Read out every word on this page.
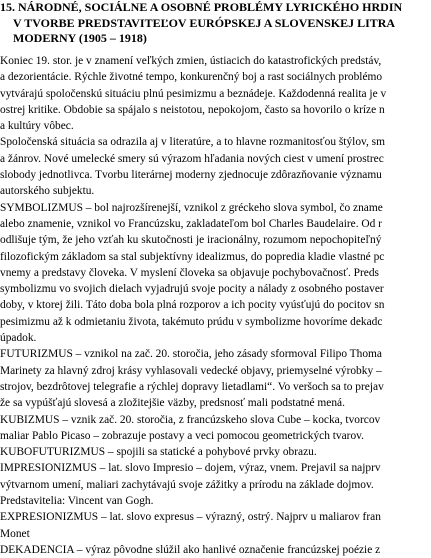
15. NÁRODNÉ, SOCIÁLNE A OSOBNÉ PROBLÉMY LYRICKÉHO HRDIN
V TVORBE PREDSTAVITEĽOV EURÓPSKEJ A SLOVENSKEJ LITRA
MODERNY (1905 – 1918)
Koniec 19. stor. je v znamení veľkých zmien, ústiacich do katastrofických predstáv,
a dezorientácie. Rýchle životné tempo, konkurenčný boj a rast sociálnych problémo
vytvárajú spoločenskú situáciu plnú pesimizmu a beznádeje. Každodenná realita je v
ostrej kritike. Obdobie sa spájalo s neistotou, nepokojom, často sa hovorilo o kríze n
a kultúry vôbec.
Spoločenská situácia sa odrazila aj v literatúre, a to hlavne rozmanitosťou štýlov, sm
a žánrov. Nové umelecké smery sú výrazom hľadania nových ciest v umení prostrec
slobody jednotlivca. Tvorbu literárnej moderny zjednocuje zdôrazňovanie významu
autorského subjektu.
SYMBOLIZMUS – bol najrozšírenejší, vznikol z gréckeho slova symbol, čo zname
alebo znamenie, vznikol vo Francúzsku, zakladateľom bol Charles Baudelaire. Od r
odlišuje tým, že jeho vzťah ku skutočnosti je iracionálny, rozumom nepochopiteľný
filozofickým základom sa stal subjektívny idealizmus, do popredia kladie vlastné pc
vnemy a predstavy človeka. V myslení človeka sa objavuje pochybovačnosť. Preds
symbolizmu vo svojich dielach vyjadrujú svoje pocity a nálady z osobného postaver
doby, v ktorej žili. Táto doba bola plná rozporov a ich pocity vyúsťujú do pocitov sn
pesimizmu až k odmietaniu života, takémuto prúdu v symbolizme hovoríme dekadc
úpadok.
FUTURIZMUS – vznikol na zač. 20. storočia, jeho zásady sformoval Filipo Thoma
Marinety za hlavný zdroj krásy vyhlasovali vedecké objavy, priemyselné výrobky –
strojov, bezdrôtovej telegrafie a rýchlej dopravy lietadlami“. Vo veršoch sa to prejav
že sa vypúšťajú slovesá a zložitejšie väzby, predsnosť mali podstatné mená.
KUBIZMUS – vznik zač. 20. storočia, z francúzskeho slova Cube – kocka, tvorcov
maliar Pablo Picaso – zobrazuje postavy a veci pomocou geometrických tvarov.
KUBOFUTURIZMUS – spojili sa statické a pohybové prvky obrazu.
IMPRESIONIZMUS – lat. slovo Impresio – dojem, výraz, vnem. Prejavil sa najprv
výtvarnom umení, maliari zachytávajú svoje zážitky a prírodu na základe dojmov.
Predstavitelia: Vincent van Gogh.
EXPRESIONIZMUS – lat. slovo expresus – výrazný, ostrý. Najprv u maliarov fran
Monet
DEKADENCIA – výraz pôvodne slúžil ako hanlivé označenie francúzskej poézie z
